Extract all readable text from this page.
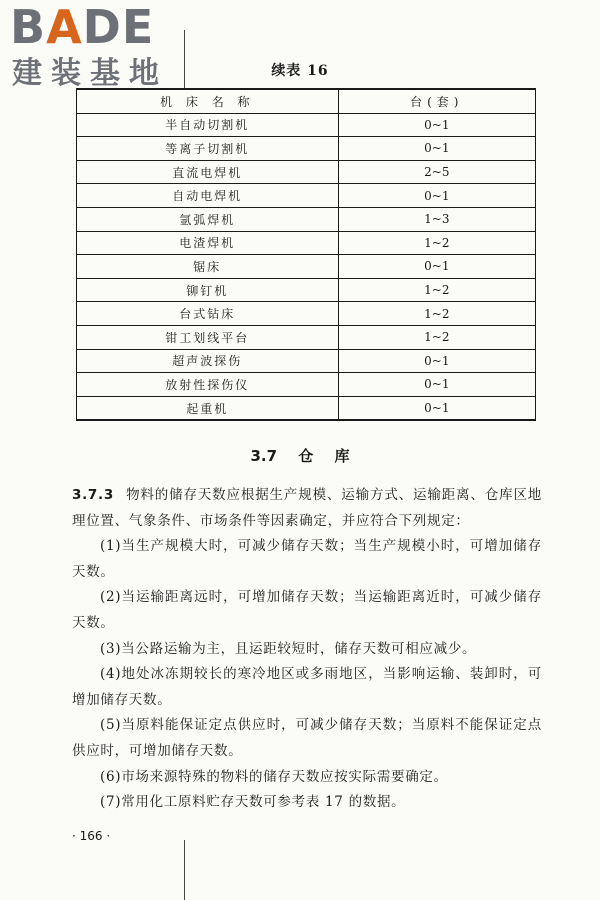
BADE
建装基地	续表 16
机 床 名 称	台(套)
半自动切割机	0~1
等离子切割机	0~1
直流电焊机	2~5
自动电焊机	0~1
氩弧焊机	1~3
电渣焊机	1~2
锯床	0~1
铆钉机	1~2
台式钻床	1~2
钳工划线平台	1~2
超声波探伤	0~1
放射性探伤仪	0~1
起重机	0~1
3.7 仓 库

3.7.3 物料的储存天数应根据生产规模、运输方式、运输距离、仓库区地理位置、气象条件、市场条件等因素确定，并应符合下列规定：

(1)当生产规模大时，可减少储存天数；当生产规模小时，可增加储存天数。

(2)当运输距离远时，可增加储存天数；当运输距离近时，可减少储存天数。

(3)当公路运输为主，且运距较短时，储存天数可相应减少。

(4)地处冰冻期较长的寒冷地区或多雨地区，当影响运输、装卸时，可增加储存天数。

(5)当原料能保证定点供应时，可减少储存天数；当原料不能保证定点供应时，可增加储存天数。

(6)市场来源特殊的物料的储存天数应按实际需要确定。

(7)常用化工原料贮存天数可参考表 17 的数据。

· 166 ·
